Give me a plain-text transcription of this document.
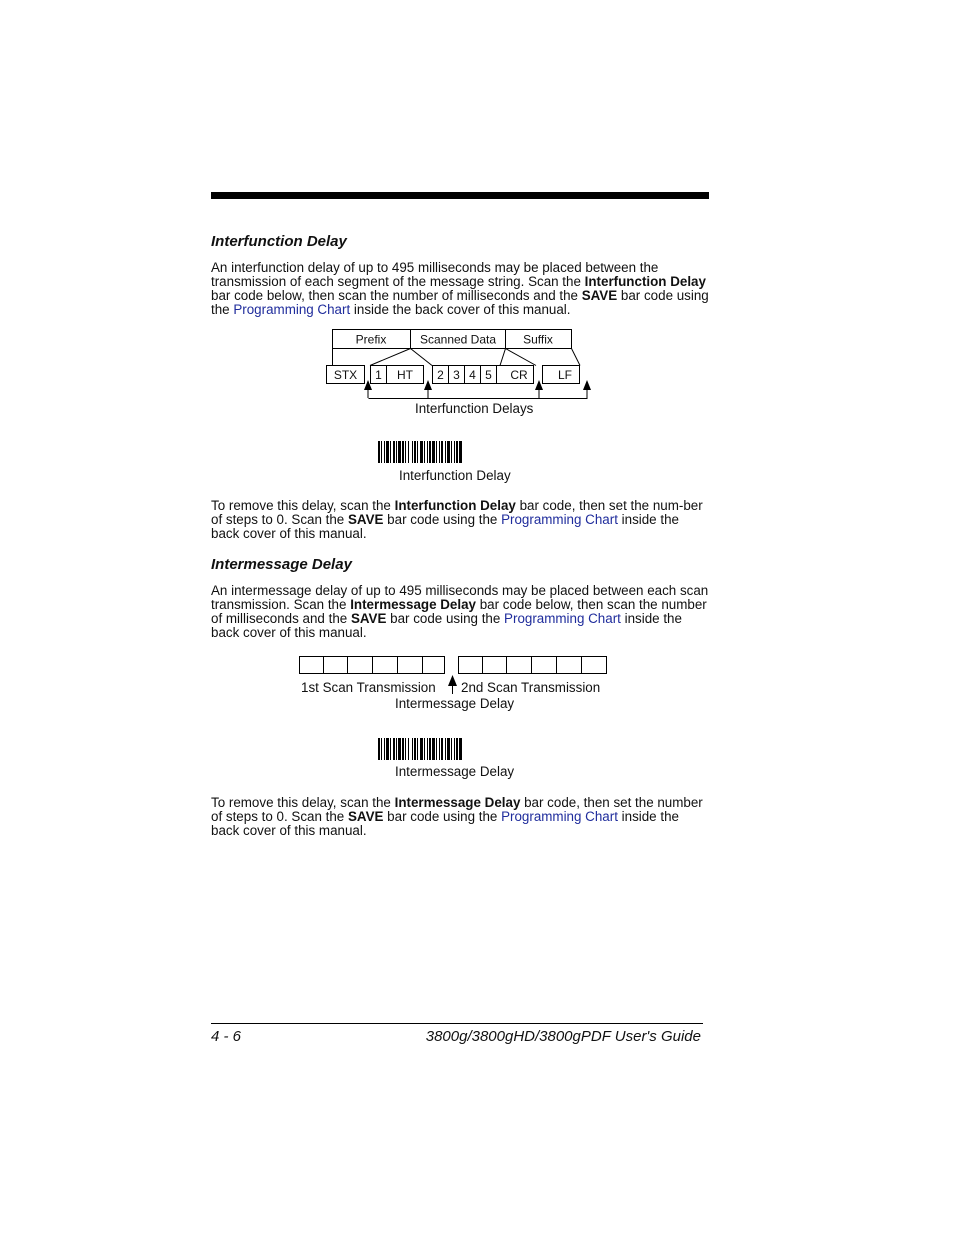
Interfunction Delay

An interfunction delay of up to 495 milliseconds may be placed between the transmission of each segment of the message string. Scan the Interfunction Delay bar code below, then scan the number of milliseconds and the SAVE bar code using the Programming Chart inside the back cover of this manual.

Prefix	Scanned Data Suffix
STX 1 HT 2 3 4 5 CR	LF
Interfunction Delays
Interfunction Delay

To remove this delay, scan the Interfunction Delay bar code, then set the num-ber of steps to 0. Scan the SAVE bar code using the Programming Chart inside the back cover of this manual.

Intermessage Delay

An intermessage delay of up to 495 milliseconds may be placed between each scan transmission. Scan the Intermessage Delay bar code below, then scan the number of milliseconds and the SAVE bar code using the Programming Chart inside the back cover of this manual.

1st Scan Transmission 2nd Scan Transmission
Intermessage Delay
Intermessage Delay

To remove this delay, scan the Intermessage Delay bar code, then set the number of steps to 0. Scan the SAVE bar code using the Programming Chart inside the back cover of this manual.

4 - 6	3800g/3800gHD/3800gPDF User's Guide
